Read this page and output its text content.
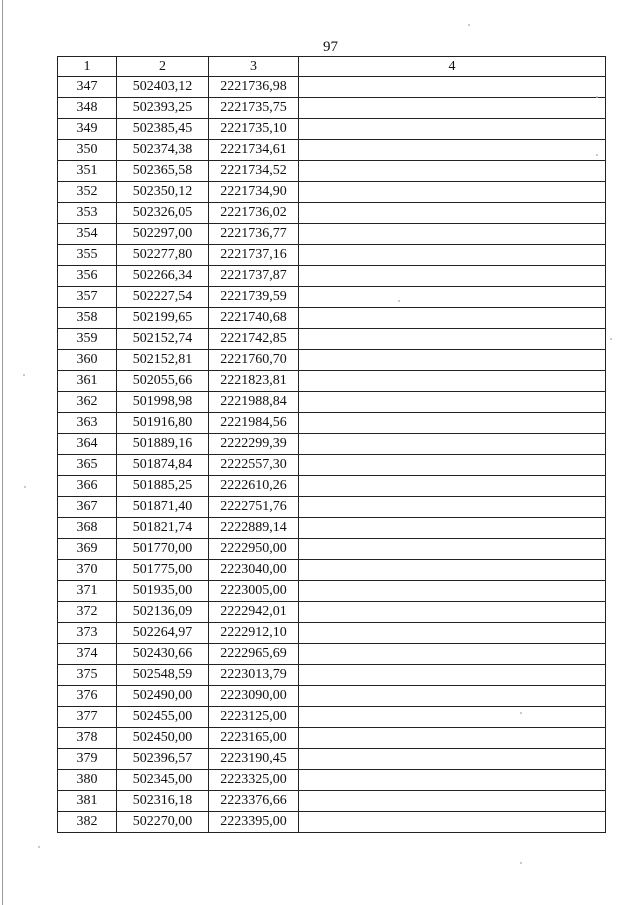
97
1	2	3	4
347	502403,12	2221736,98	
348	502393,25	2221735,75	
349	502385,45	2221735,10	
350	502374,38	2221734,61	
351	502365,58	2221734,52	
352	502350,12	2221734,90	
353	502326,05	2221736,02	
354	502297,00	2221736,77	
355	502277,80	2221737,16	
356	502266,34	2221737,87	
357	502227,54	2221739,59	
358	502199,65	2221740,68	
359	502152,74	2221742,85	
360	502152,81	2221760,70	
361	502055,66	2221823,81	
362	501998,98	2221988,84	
363	501916,80	2221984,56	
364	501889,16	2222299,39	
365	501874,84	2222557,30	
366	501885,25	2222610,26	
367	501871,40	2222751,76	
368	501821,74	2222889,14	
369	501770,00	2222950,00	
370	501775,00	2223040,00	
371	501935,00	2223005,00	
372	502136,09	2222942,01	
373	502264,97	2222912,10	
374	502430,66	2222965,69	
375	502548,59	2223013,79	
376	502490,00	2223090,00	
377	502455,00	2223125,00	
378	502450,00	2223165,00	
379	502396,57	2223190,45	
380	502345,00	2223325,00	
381	502316,18	2223376,66	
382	502270,00	2223395,00	
